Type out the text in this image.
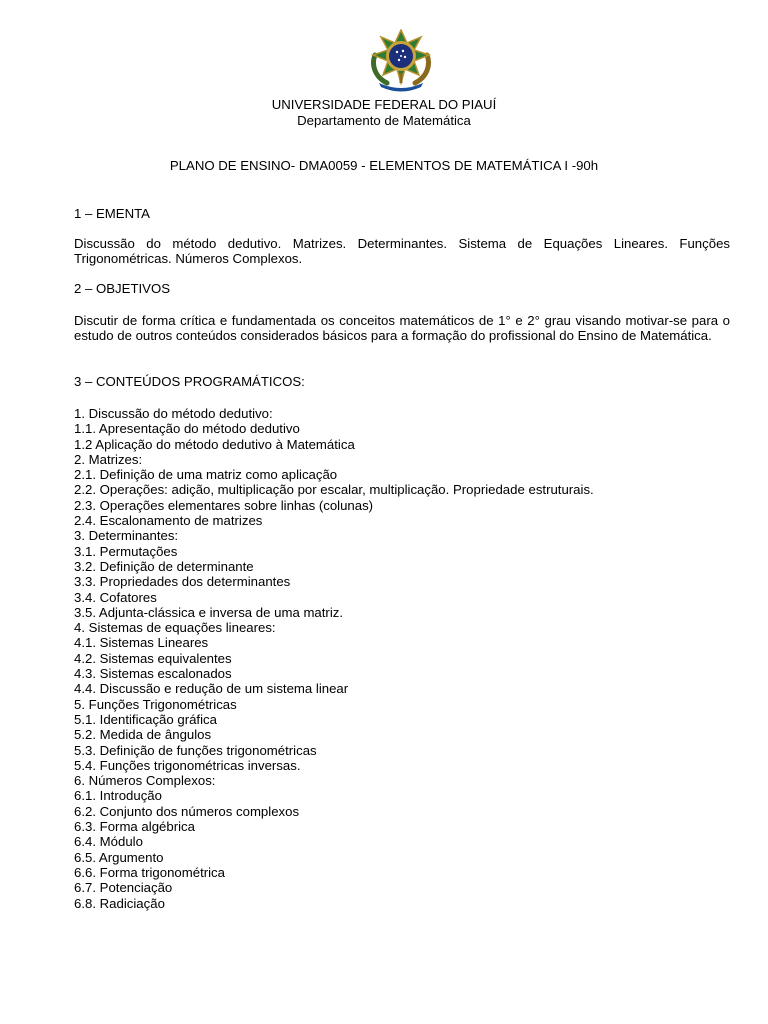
UNIVERSIDADE FEDERAL DO PIAUÍ
Departamento de Matemática
PLANO DE ENSINO- DMA0059 - ELEMENTOS DE MATEMÁTICA I -90h
1 – EMENTA
Discussão do método dedutivo. Matrizes. Determinantes. Sistema de Equações Lineares. Funções Trigonométricas. Números Complexos.
2 – OBJETIVOS
Discutir de forma crítica e fundamentada os conceitos matemáticos de 1° e 2° grau visando motivar-se para o estudo de outros conteúdos considerados básicos para a formação do profissional do Ensino de Matemática.
3 – CONTEÚDOS PROGRAMÁTICOS:
1. Discussão do método dedutivo:
1.1. Apresentação do método dedutivo
1.2 Aplicação do método dedutivo à Matemática
2. Matrizes:
2.1. Definição de uma matriz como aplicação
2.2. Operações: adição, multiplicação por escalar, multiplicação. Propriedade estruturais.
2.3. Operações elementares sobre linhas (colunas)
2.4. Escalonamento de matrizes
3. Determinantes:
3.1. Permutações
3.2. Definição de determinante
3.3. Propriedades dos determinantes
3.4. Cofatores
3.5. Adjunta-clássica e inversa de uma matriz.
4. Sistemas de equações lineares:
4.1. Sistemas Lineares
4.2. Sistemas equivalentes
4.3. Sistemas escalonados
4.4. Discussão e redução de um sistema linear
5. Funções Trigonométricas
5.1. Identificação gráfica
5.2. Medida de ângulos
5.3. Definição de funções trigonométricas
5.4. Funções trigonométricas inversas.
6. Números Complexos:
6.1. Introdução
6.2. Conjunto dos números complexos
6.3. Forma algébrica
6.4. Módulo
6.5. Argumento
6.6. Forma trigonométrica
6.7. Potenciação
6.8. Radiciação
